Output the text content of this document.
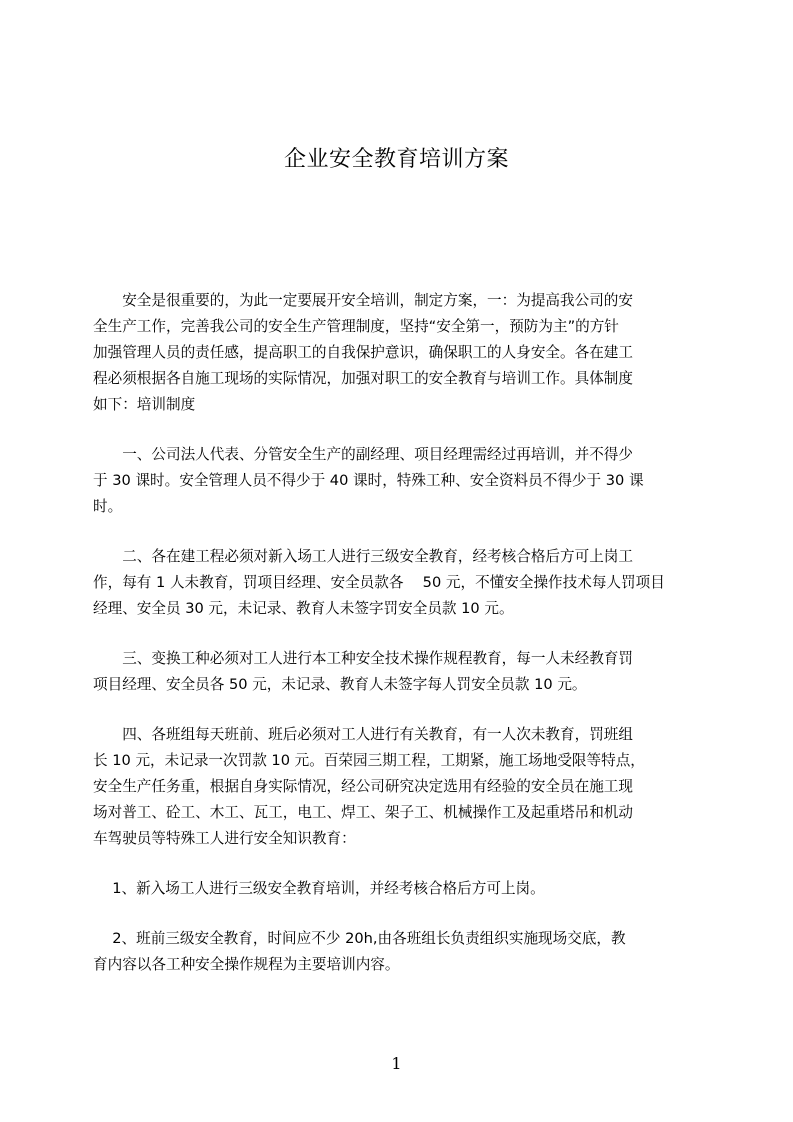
企业安全教育培训方案
　　安全是很重要的，为此一定要展开安全培训，制定方案，一：为提高我公司的安
全生产工作，完善我公司的安全生产管理制度，坚持“安全第一，预防为主”的方针
加强管理人员的责任感，提高职工的自我保护意识，确保职工的人身安全。各在建工
程必须根据各自施工现场的实际情况，加强对职工的安全教育与培训工作。具体制度
如下：培训制度
　　一、公司法人代表、分管安全生产的副经理、项目经理需经过再培训，并不得少
于 30 课时。安全管理人员不得少于 40 课时，特殊工种、安全资料员不得少于 30 课
时。
　　二、各在建工程必须对新入场工人进行三级安全教育，经考核合格后方可上岗工
作，每有 1 人未教育，罚项目经理、安全员款各　 50 元，不懂安全操作技术每人罚项目
经理、安全员 30 元，未记录、教育人未签字罚安全员款 10 元。
　　三、变换工种必须对工人进行本工种安全技术操作规程教育，每一人未经教育罚
项目经理、安全员各 50 元，未记录、教育人未签字每人罚安全员款 10 元。
　　四、各班组每天班前、班后必须对工人进行有关教育，有一人次未教育，罚班组
长 10 元，未记录一次罚款 10 元。百荣园三期工程，工期紧，施工场地受限等特点，
安全生产任务重，根据自身实际情况，经公司研究决定选用有经验的安全员在施工现
场对普工、砼工、木工、瓦工，电工、焊工、架子工、机械操作工及起重塔吊和机动
车驾驶员等特殊工人进行安全知识教育：
　 1、新入场工人进行三级安全教育培训，并经考核合格后方可上岗。
　 2、班前三级安全教育，时间应不少 20h,由各班组长负责组织实施现场交底，教
育内容以各工种安全操作规程为主要培训内容。
1
